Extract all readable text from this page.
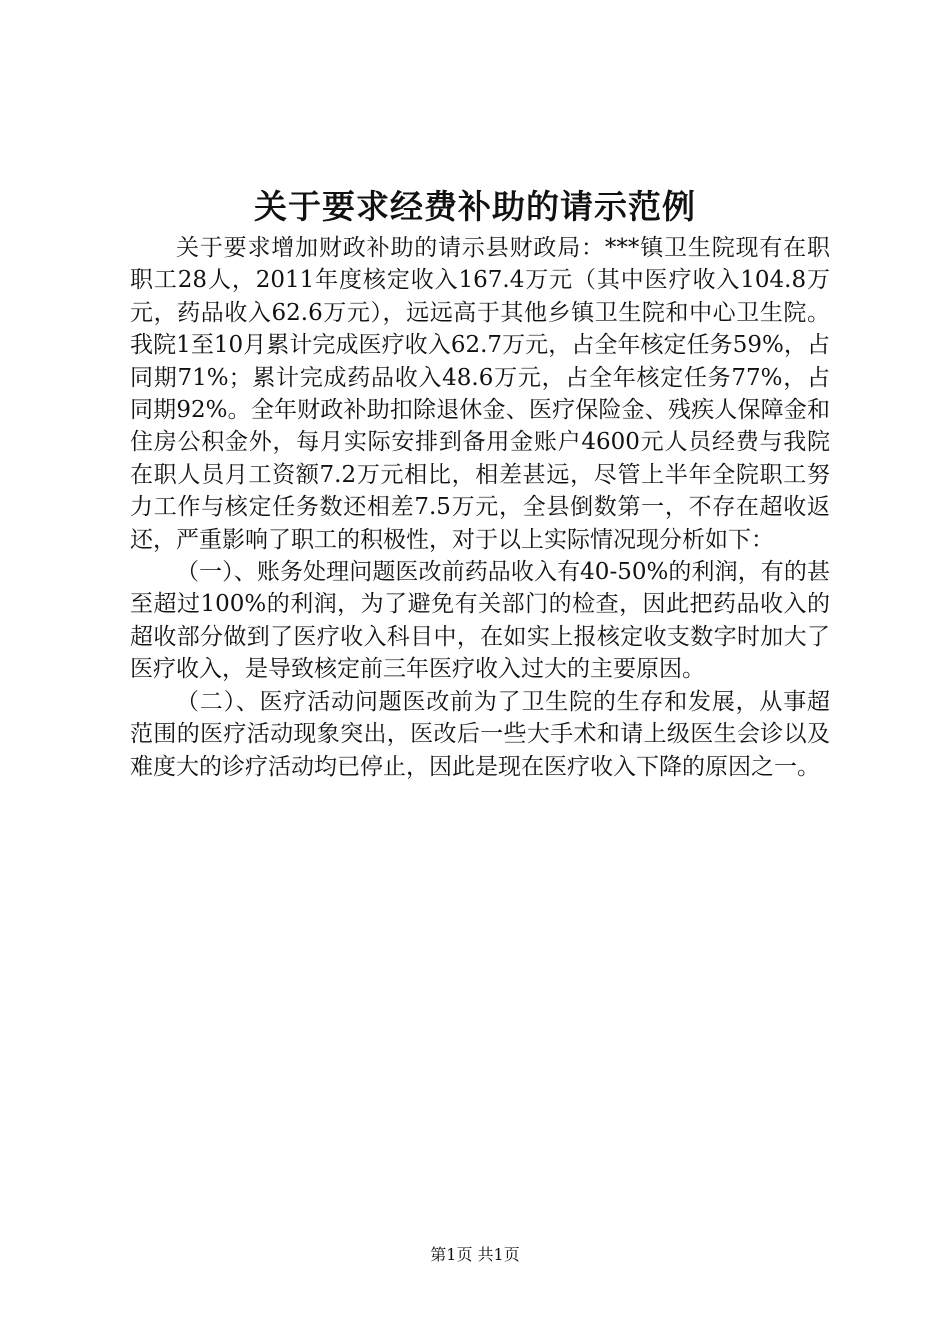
关于要求经费补助的请示范例

关于要求增加财政补助的请示县财政局：***镇卫生院现有在职职工28人，2011年度核定收入167.4万元（其中医疗收入104.8万元，药品收入62.6万元），远远高于其他乡镇卫生院和中心卫生院。我院1至10月累计完成医疗收入62.7万元，占全年核定任务59%，占同期71%；累计完成药品收入48.6万元，占全年核定任务77%，占同期92%。全年财政补助扣除退休金、医疗保险金、残疾人保障金和住房公积金外，每月实际安排到备用金账户4600元人员经费与我院在职人员月工资额7.2万元相比，相差甚远，尽管上半年全院职工努力工作与核定任务数还相差7.5万元，全县倒数第一，不存在超收返还，严重影响了职工的积极性，对于以上实际情况现分析如下：

（一）、账务处理问题医改前药品收入有40-50%的利润，有的甚至超过100%的利润，为了避免有关部门的检查，因此把药品收入的超收部分做到了医疗收入科目中，在如实上报核定收支数字时加大了医疗收入，是导致核定前三年医疗收入过大的主要原因。

（二）、医疗活动问题医改前为了卫生院的生存和发展，从事超范围的医疗活动现象突出，医改后一些大手术和请上级医生会诊以及难度大的诊疗活动均已停止，因此是现在医疗收入下降的原因之一。

第1页 共1页
